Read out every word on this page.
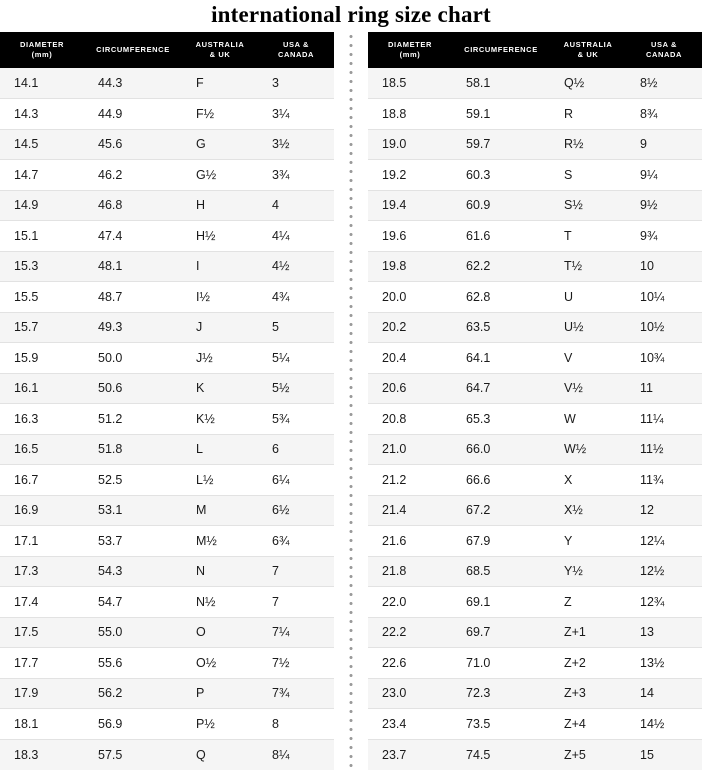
international ring size chart
DIAMETER
(mm)	CIRCUMFERENCE	AUSTRALIA
& UK	USA &
CANADA

14.1	44.3	F	3
14.3	44.9	F½	3¼
14.5	45.6	G	3½
14.7	46.2	G½	3¾
14.9	46.8	H	4
15.1	47.4	H½	4¼
15.3	48.1	I	4½
15.5	48.7	I½	4¾
15.7	49.3	J	5
15.9	50.0	J½	5¼
16.1	50.6	K	5½
16.3	51.2	K½	5¾
16.5	51.8	L	6
16.7	52.5	L½	6¼
16.9	53.1	M	6½
17.1	53.7	M½	6¾
17.3	54.3	N	7
17.4	54.7	N½	7
17.5	55.0	O	7¼
17.7	55.6	O½	7½
17.9	56.2	P	7¾
18.1	56.9	P½	8
18.3	57.5	Q	8¼
DIAMETER
(mm)	CIRCUMFERENCE	AUSTRALIA
& UK	USA &
CANADA

18.5	58.1	Q½	8½
18.8	59.1	R	8¾
19.0	59.7	R½	9
19.2	60.3	S	9¼
19.4	60.9	S½	9½
19.6	61.6	T	9¾
19.8	62.2	T½	10
20.0	62.8	U	10¼
20.2	63.5	U½	10½
20.4	64.1	V	10¾
20.6	64.7	V½	11
20.8	65.3	W	11¼
21.0	66.0	W½	11½
21.2	66.6	X	11¾
21.4	67.2	X½	12
21.6	67.9	Y	12¼
21.8	68.5	Y½	12½
22.0	69.1	Z	12¾
22.2	69.7	Z+1	13
22.6	71.0	Z+2	13½
23.0	72.3	Z+3	14
23.4	73.5	Z+4	14½
23.7	74.5	Z+5	15
